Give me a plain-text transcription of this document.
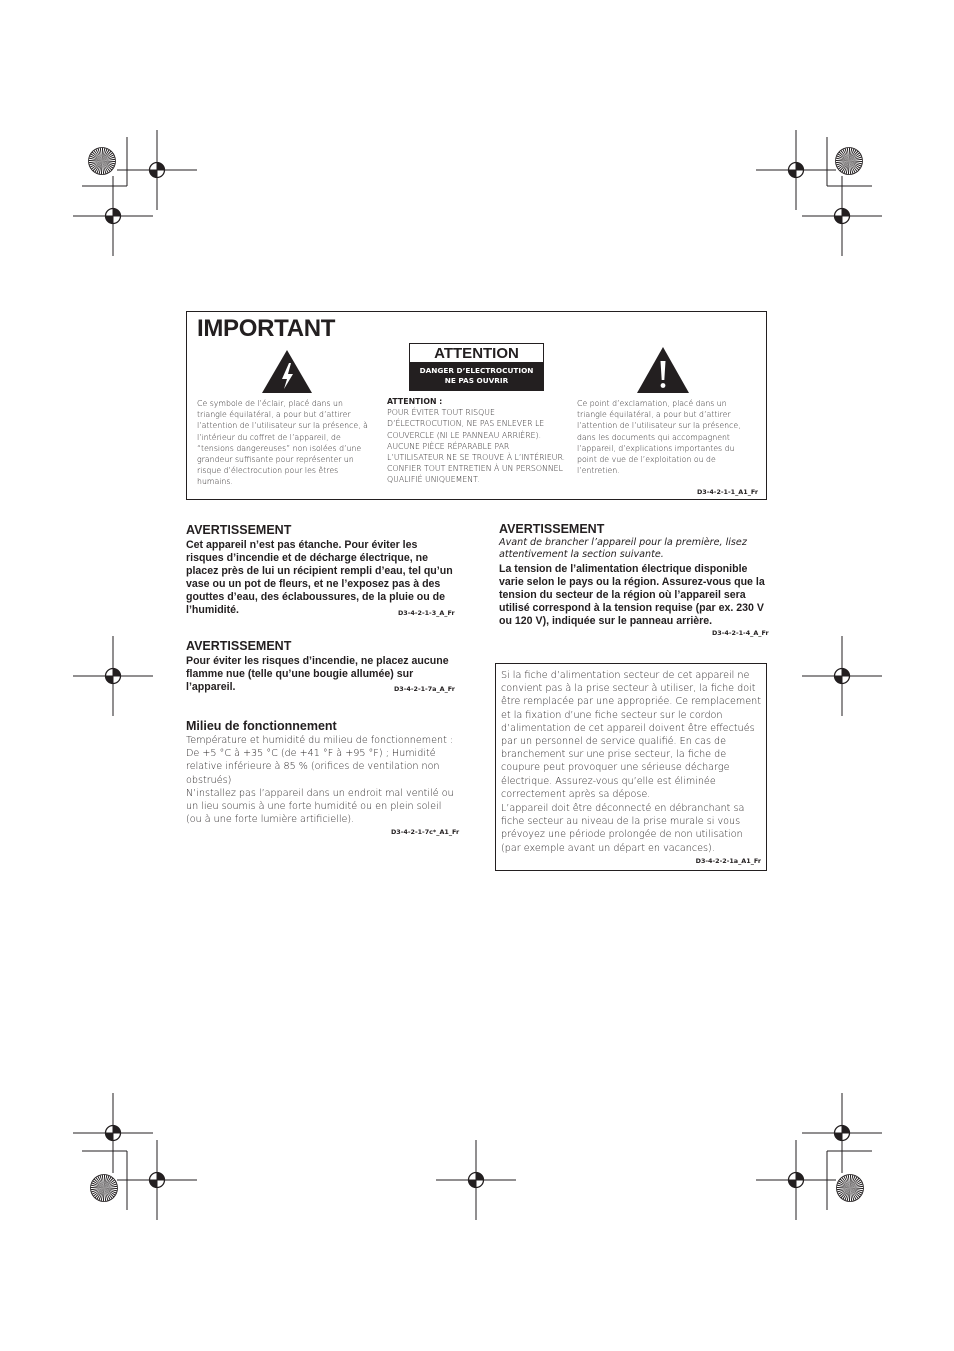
IMPORTANT
ATTENTION
DANGER D’ELECTROCUTION
NE PAS OUVRIR
Ce symbole de l’éclair, placé dans un triangle équilatéral, a pour but d’attirer l’attention de l’utilisateur sur la présence, à l’intérieur du coffret de l’appareil, de “tensions dangereuses” non isolées d’une grandeur suffisante pour représenter un risque d’électrocution pour les êtres humains.
ATTENTION :
POUR ÉVITER TOUT RISQUE D’ÉLECTROCUTION, NE PAS ENLEVER LE COUVERCLE (NI LE PANNEAU ARRIÈRE). AUCUNE PIÈCE RÉPARABLE PAR L’UTILISATEUR NE SE TROUVE À L’INTÉRIEUR. CONFIER TOUT ENTRETIEN À UN PERSONNEL QUALIFIÉ UNIQUEMENT.
Ce point d’exclamation, placé dans un triangle équilatéral, a pour but d’attirer l’attention de l’utilisateur sur la présence, dans les documents qui accompagnent l’appareil, d’explications importantes du point de vue de l’exploitation ou de l’entretien.
D3-4-2-1-1_A1_Fr
AVERTISSEMENT

Cet appareil n’est pas étanche. Pour éviter les risques d’incendie et de décharge électrique, ne placez près de lui un récipient rempli d’eau, tel qu’un vase ou un pot de fleurs, et ne l’exposez pas à des gouttes d’eau, des éclaboussures, de la pluie ou de l’humidité.	D3-4-2-1-3_A_Fr
AVERTISSEMENT

Pour éviter les risques d’incendie, ne placez aucune flamme nue (telle qu’une bougie allumée) sur l’appareil.	D3-4-2-1-7a_A_Fr
Milieu de fonctionnement

Température et humidité du milieu de fonctionnement : De +5 °C à +35 °C (de +41 °F à +95 °F) ; Humidité relative inférieure à 85 % (orifices de ventilation non obstrués)

N’installez pas l’appareil dans un endroit mal ventilé ou un lieu soumis à une forte humidité ou en plein soleil (ou à une forte lumière artificielle).

D3-4-2-1-7c*_A1_Fr
AVERTISSEMENT

Avant de brancher l’appareil pour la première, lisez attentivement la section suivante.

La tension de l’alimentation électrique disponible varie selon le pays ou la région. Assurez-vous que la tension du secteur de la région où l’appareil sera utilisé correspond à la tension requise (par ex. 230 V ou 120 V), indiquée sur le panneau arrière.

D3-4-2-1-4_A_Fr

Si la fiche d’alimentation secteur de cet appareil ne convient pas à la prise secteur à utiliser, la fiche doit être remplacée par une appropriée. Ce remplacement et la fixation d’une fiche secteur sur le cordon d’alimentation de cet appareil doivent être effectués par un personnel de service qualifié. En cas de branchement sur une prise secteur, la fiche de coupure peut provoquer une sérieuse décharge électrique. Assurez-vous qu’elle est éliminée correctement après sa dépose.

L’appareil doit être déconnecté en débranchant sa fiche secteur au niveau de la prise murale si vous prévoyez une période prolongée de non utilisation (par exemple avant un départ en vacances).

D3-4-2-2-1a_A1_Fr
